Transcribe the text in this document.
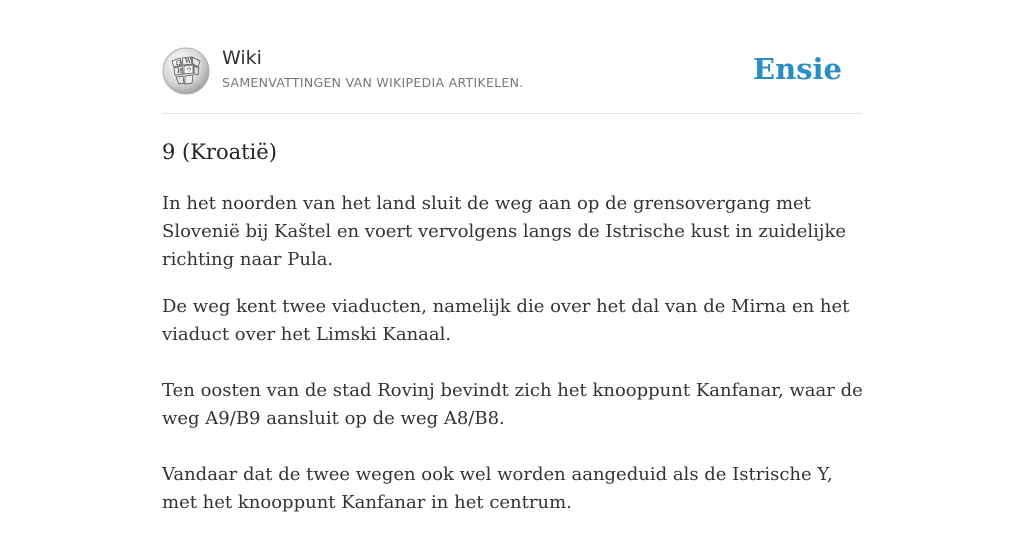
Ω W
И ウ
Wiki
SAMENVATTINGEN VAN WIKIPEDIA ARTIKELEN.	Ensie
9 (Kroatië)

In het noorden van het land sluit de weg aan op de grensovergang met Slovenië bij Kaštel en voert vervolgens langs de Istrische kust in zuidelijke richting naar Pula.

De weg kent twee viaducten, namelijk die over het dal van de Mirna en het viaduct over het Limski Kanaal.

Ten oosten van de stad Rovinj bevindt zich het knooppunt Kanfanar, waar de weg A9/B9 aansluit op de weg A8/B8.

Vandaar dat de twee wegen ook wel worden aangeduid als de Istrische Y, met het knooppunt Kanfanar in het centrum.
